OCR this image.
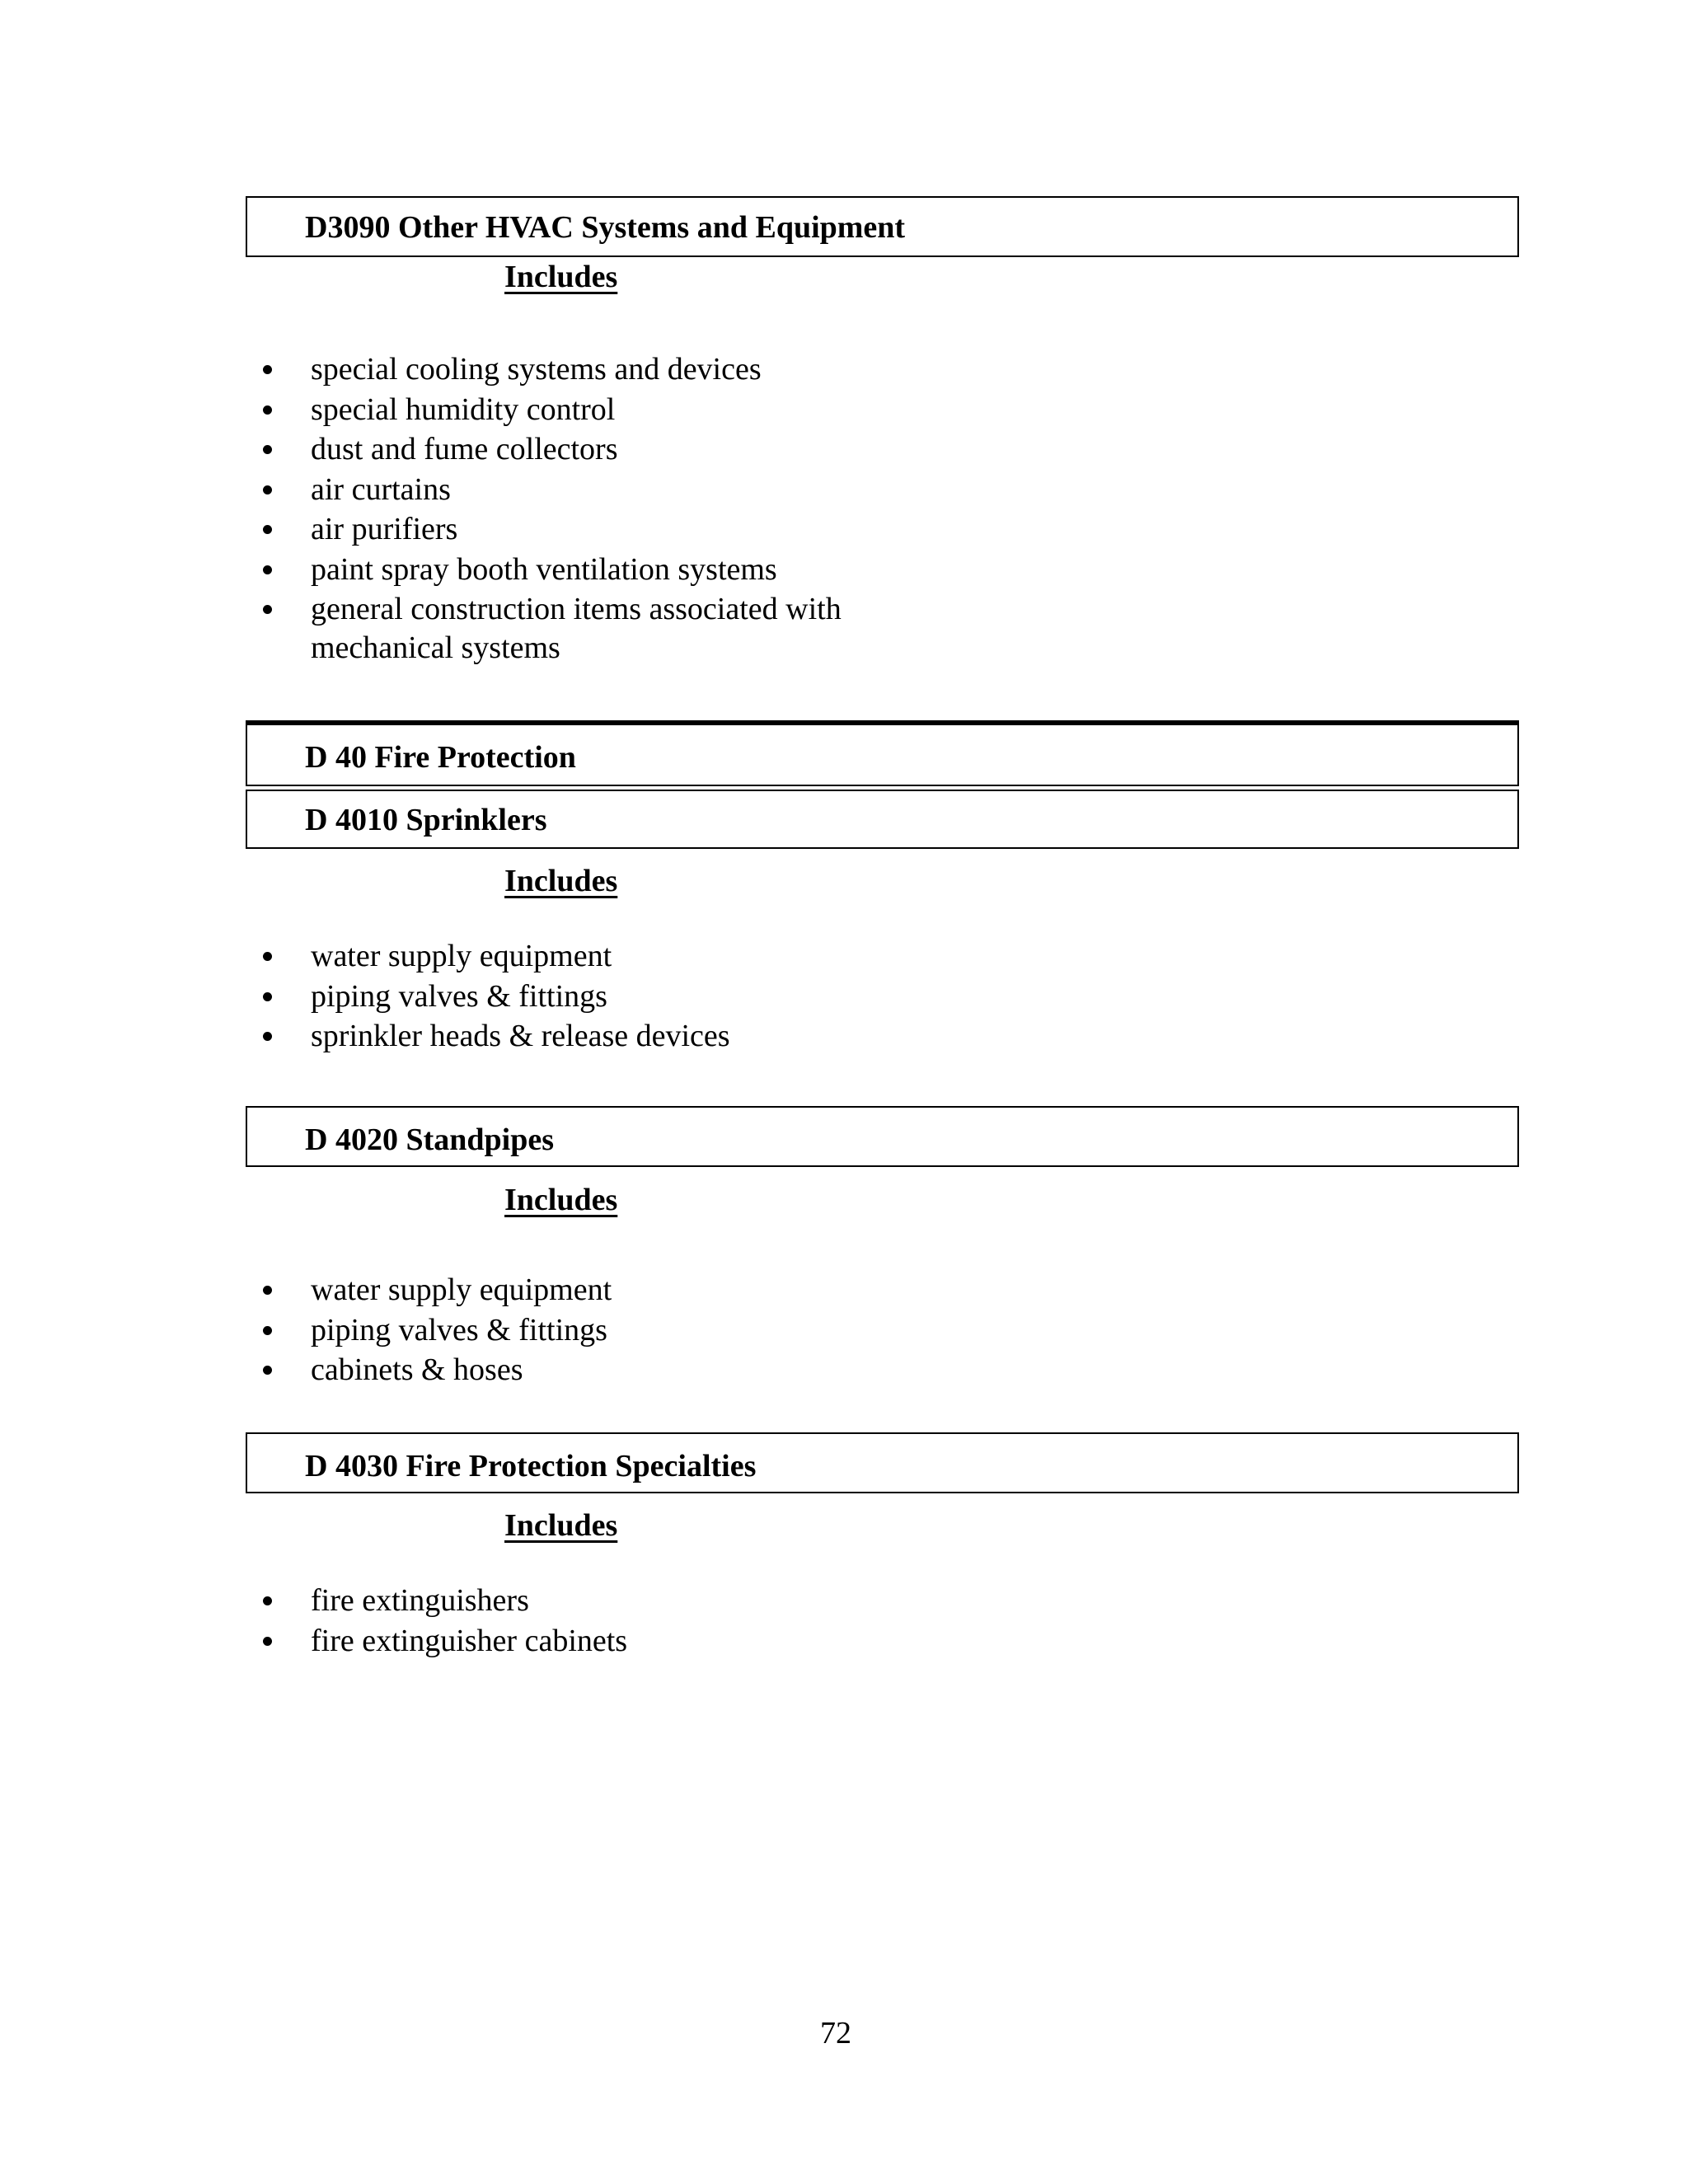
D3090 Other HVAC Systems and Equipment
Includes
special cooling systems and devices
special humidity control
dust and fume collectors
air curtains
air purifiers
paint spray booth ventilation systems
general construction items associated with
mechanical systems
D 40 Fire Protection
D 4010 Sprinklers
Includes
water supply equipment
piping valves & fittings
sprinkler heads & release devices
D 4020 Standpipes
Includes
water supply equipment
piping valves & fittings
cabinets & hoses
D 4030 Fire Protection Specialties
Includes
fire extinguishers
fire extinguisher cabinets
72
